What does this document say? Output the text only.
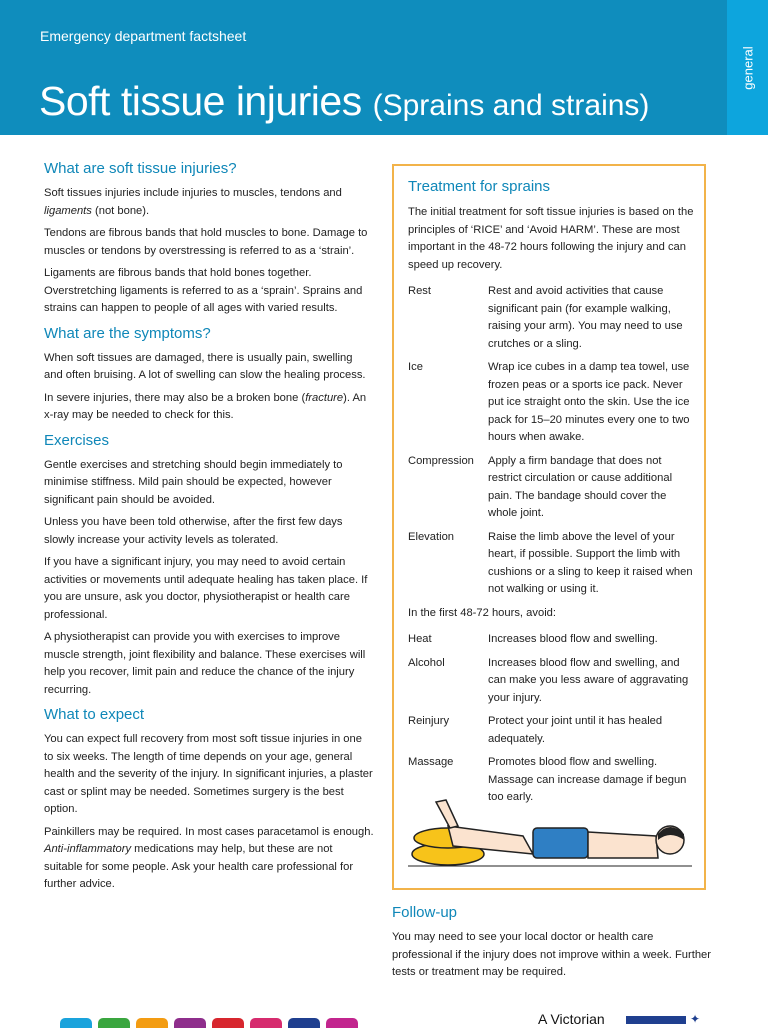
Emergency department factsheet
Soft tissue injuries (Sprains and strains)
general
What are soft tissue injuries?

Soft tissues injuries include injuries to muscles, tendons and ligaments (not bone).

Tendons are fibrous bands that hold muscles to bone. Damage to muscles or tendons by overstressing is referred to as a ‘strain’.

Ligaments are fibrous bands that hold bones together. Overstretching ligaments is referred to as a ‘sprain’. Sprains and strains can happen to people of all ages with varied results.

What are the symptoms?

When soft tissues are damaged, there is usually pain, swelling and often bruising. A lot of swelling can slow the healing process.

In severe injuries, there may also be a broken bone (fracture). An x-ray may be needed to check for this.

Exercises

Gentle exercises and stretching should begin immediately to minimise stiffness. Mild pain should be expected, however significant pain should be avoided.

Unless you have been told otherwise, after the first few days slowly increase your activity levels as tolerated.

If you have a significant injury, you may need to avoid certain activities or movements until adequate healing has taken place. If you are unsure, ask you doctor, physiotherapist or health care professional.

A physiotherapist can provide you with exercises to improve muscle strength, joint flexibility and balance. These exercises will help you recover, limit pain and reduce the chance of the injury recurring.

What to expect

You can expect full recovery from most soft tissue injuries in one to six weeks. The length of time depends on your age, general health and the severity of the injury. In significant injuries, a plaster cast or splint may be needed. Sometimes surgery is the best option.

Painkillers may be required. In most cases paracetamol is enough. Anti-inflammatory medications may help, but these are not suitable for some people. Ask your health care professional for further advice.

Treatment for sprains

The initial treatment for soft tissue injuries is based on the principles of ‘RICE’ and ‘Avoid HARM’. These are most important in the 48-72 hours following the injury and can speed up recovery.

Rest	Rest and avoid activities that cause significant pain (for example walking, raising your arm). You may need to use crutches or a sling.
Ice	Wrap ice cubes in a damp tea towel, use frozen peas or a sports ice pack. Never put ice straight onto the skin. Use the ice pack for 15–20 minutes every one to two hours when awake.
Compression	Apply a firm bandage that does not restrict circulation or cause additional pain. The bandage should cover the whole joint.
Elevation	Raise the limb above the level of your heart, if possible. Support the limb with cushions or a sling to keep it raised when not walking or using it.

In the first 48-72 hours, avoid:

Heat	Increases blood flow and swelling.
Alcohol	Increases blood flow and swelling, and can make you less aware of aggravating your injury.
Reinjury	Protect your joint until it has healed adequately.
Massage	Promotes blood flow and swelling. Massage can increase damage if begun too early.
Follow-up

You may need to see your local doctor or health care professional if the injury does not improve within a week. Further tests or treatment may be required.

A Victorian	✦
